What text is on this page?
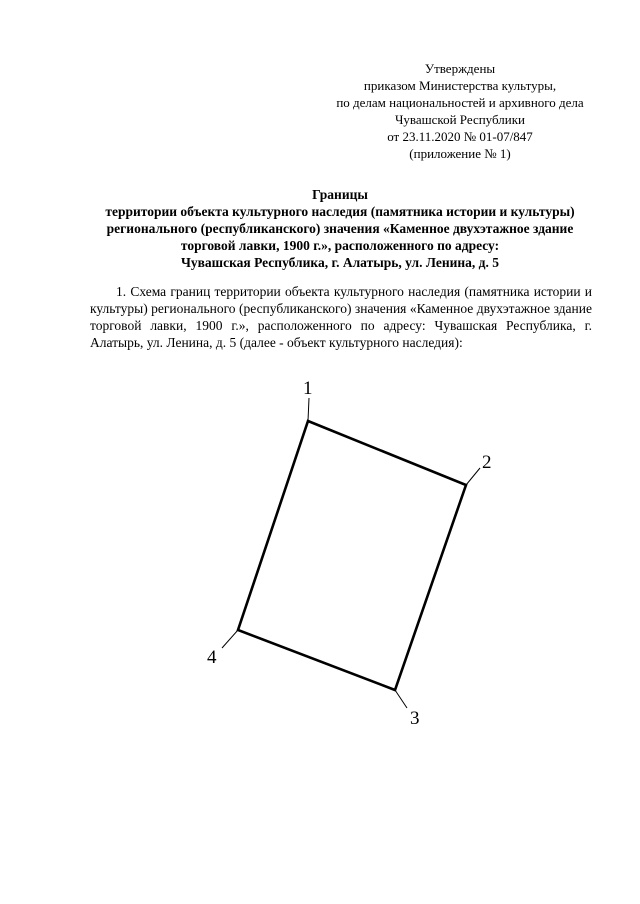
Утверждены
приказом Министерства культуры,
по делам национальностей и архивного дела
Чувашской Республики
от 23.11.2020 № 01-07/847
(приложение № 1)
Границы
территории объекта культурного наследия (памятника истории и культуры)
регионального (республиканского) значения «Каменное двухэтажное здание
торговой лавки, 1900 г.», расположенного по адресу:
Чувашская Республика, г. Алатырь, ул. Ленина, д. 5

1. Схема границ территории объекта культурного наследия (памятника истории и культуры) регионального (республиканского) значения «Каменное двухэтажное здание торговой лавки, 1900 г.», расположенного по адресу: Чувашская Республика, г. Алатырь, ул. Ленина, д. 5 (далее - объект культурного наследия):

1
2
3
4
